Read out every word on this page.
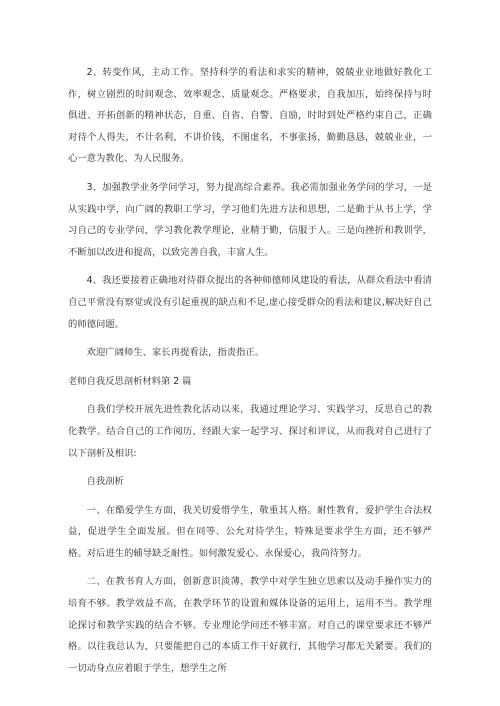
2、转变作风，主动工作。坚持科学的看法和求实的精神，兢兢业业地做好教化工作，树立剧烈的时间观念、效率观念、质量观念。严格要求，自我加压，始终保持与时俱进、开拓创新的精神状态，自重、自省、自警、自励，时时到处严格约束自己，正确对待个人得失，不计名利，不讲价钱，不图虚名，不事张扬，勤勤恳恳，兢兢业业，一心一意为教化、为人民服务。

3、加强教学业务学问学习，努力提高综合素养。我必需加强业务学问的学习，一是从实践中学，向广阔的教职工学习，学习他们先进方法和思想，二是勤于从书上学，学习自己的专业学问，学习教化教学理论，业精于勤，信服于人。三是向挫折和教训学，不断加以改进和提高，以致完善自我，丰富人生。

4、我还要接着正确地对待群众提出的各种师德师风建设的看法，从群众看法中看清自己平常没有察觉或没有引起重视的缺点和不足,虚心接受群众的看法和建议,解决好自己的师德问题。

欢迎广阔师生、家长再提看法，指责指正。

老师自我反思剖析材料第 2 篇

自我们学校开展先进性教化活动以来，我通过理论学习、实践学习，反思自己的教化教学。结合自己的工作阅历，经跟大家一起学习、探讨和评议，从而我对自己进行了以下剖析及相识:

自我剖析

一、在酷爱学生方面，我关切爱惜学生，敬重其人格。耐性教育，爱护学生合法权益，促进学生全面发展。但在同等、公允对待学生，特殊是要求学生方面，还不够严格。对后进生的辅导缺乏耐性。如何激发爱心、永保爱心，我尚待努力。

二、在教书育人方面，创新意识淡薄，教学中对学生独立思索以及动手操作实力的培育不够。教学效益不高，在教学环节的设置和媒体设备的运用上，运用不当。教学理论探讨和教学实践的结合不够。专业理论学问还不够丰富。对自己的课堂要求还不够严格。以往我总认为，只要能把自己的本质工作干好就行，其他学习都无关紧要。我们的一切动身点应着眼于学生，想学生之所
